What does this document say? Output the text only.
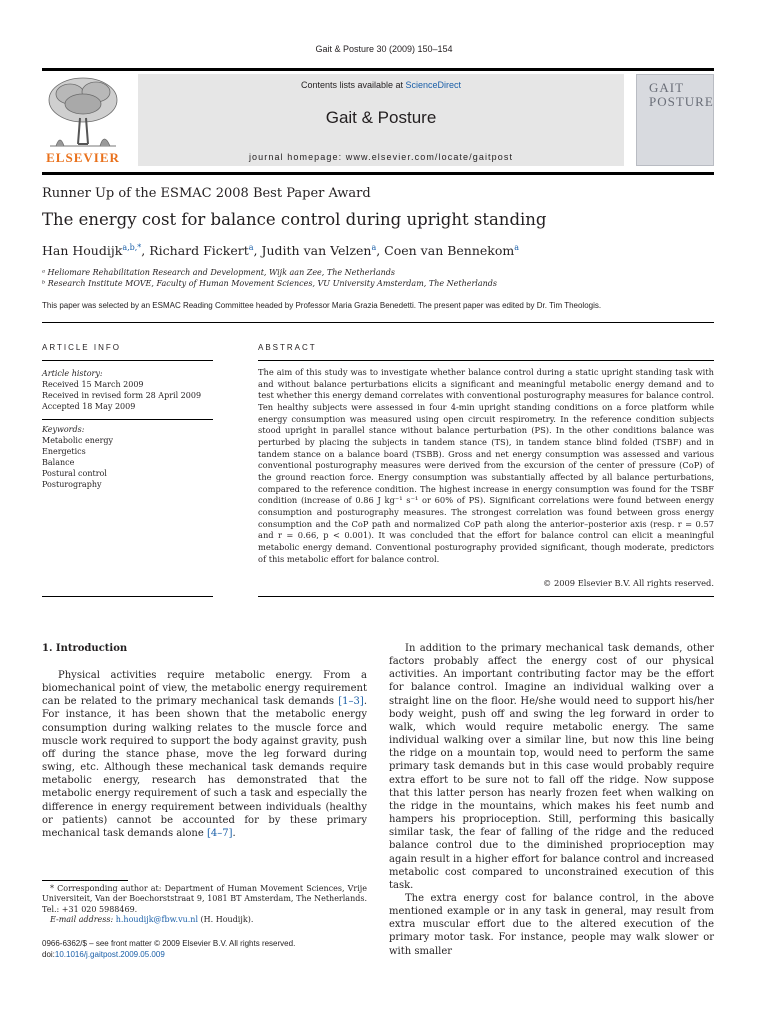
Gait & Posture 30 (2009) 150–154
ELSEVIER
Contents lists available at ScienceDirect
Gait & Posture
journal homepage: www.elsevier.com/locate/gaitpost
GAIT
POSTURE
Runner Up of the ESMAC 2008 Best Paper Award
The energy cost for balance control during upright standing
Han Houdijk$^{a,b,*}$, Richard Fickert$^a$, Judith van Velzen$^a$, Coen van Bennekom$^a$
ᵃ Heliomare Rehabilitation Research and Development, Wijk aan Zee, The Netherlands
ᵇ Research Institute MOVE, Faculty of Human Movement Sciences, VU University Amsterdam, The Netherlands
This paper was selected by an ESMAC Reading Committee headed by Professor Maria Grazia Benedetti. The present paper was edited by Dr. Tim Theologis.
ARTICLE INFO	ABSTRACT
Article history:
Received 15 March 2009
Received in revised form 28 April 2009
Accepted 18 May 2009
Keywords:
Metabolic energy
Energetics
Balance
Postural control
Posturography
The aim of this study was to investigate whether balance control during a static upright standing task with and without balance perturbations elicits a significant and meaningful metabolic energy demand and to test whether this energy demand correlates with conventional posturography measures for balance control. Ten healthy subjects were assessed in four 4-min upright standing conditions on a force platform while energy consumption was measured using open circuit respirometry. In the reference condition subjects stood upright in parallel stance without balance perturbation (PS). In the other conditions balance was perturbed by placing the subjects in tandem stance (TS), in tandem stance blind folded (TSBF) and in tandem stance on a balance board (TSBB). Gross and net energy consumption was assessed and various conventional posturography measures were derived from the excursion of the center of pressure (CoP) of the ground reaction force. Energy consumption was substantially affected by all balance perturbations, compared to the reference condition. The highest increase in energy consumption was found for the TSBF condition (increase of 0.86 J kg⁻¹ s⁻¹ or 60% of PS). Significant correlations were found between energy consumption and posturography measures. The strongest correlation was found between gross energy consumption and the CoP path and normalized CoP path along the anterior–posterior axis (resp. r = 0.57 and r = 0.66, p < 0.001). It was concluded that the effort for balance control can elicit a meaningful metabolic energy demand. Conventional posturography provided significant, though moderate, predictors of this metabolic effort for balance control.
© 2009 Elsevier B.V. All rights reserved.
1. Introduction

Physical activities require metabolic energy. From a biomechanical point of view, the metabolic energy requirement can be related to the primary mechanical task demands [1–3]. For instance, it has been shown that the metabolic energy consumption during walking relates to the muscle force and muscle work required to support the body against gravity, push off during the stance phase, move the leg forward during swing, etc. Although these mechanical task demands require metabolic energy, research has demonstrated that the metabolic energy requirement of such a task and especially the difference in energy requirement between individuals (healthy or patients) cannot be accounted for by these primary mechanical task demands alone [4–7].

In addition to the primary mechanical task demands, other factors probably affect the energy cost of our physical activities. An important contributing factor may be the effort for balance control. Imagine an individual walking over a straight line on the floor. He/she would need to support his/her body weight, push off and swing the leg forward in order to walk, which would require metabolic energy. The same individual walking over a similar line, but now this line being the ridge on a mountain top, would need to perform the same primary task demands but in this case would probably require extra effort to be sure not to fall off the ridge. Now suppose that this latter person has nearly frozen feet when walking on the ridge in the mountains, which makes his feet numb and hampers his proprioception. Still, performing this basically similar task, the fear of falling of the ridge and the reduced balance control due to the diminished proprioception may again result in a higher effort for balance control and increased metabolic cost compared to unconstrained execution of this task.

The extra energy cost for balance control, in the above mentioned example or in any task in general, may result from extra muscular effort due to the altered execution of the primary motor task. For instance, people may walk slower or with smaller

* Corresponding author at: Department of Human Movement Sciences, Vrije Universiteit, Van der Boechorststraat 9, 1081 BT Amsterdam, The Netherlands. Tel.: +31 020 5988469.
E-mail address: h.houdijk@fbw.vu.nl (H. Houdijk).
0966-6362/$ – see front matter © 2009 Elsevier B.V. All rights reserved.
doi:10.1016/j.gaitpost.2009.05.009
